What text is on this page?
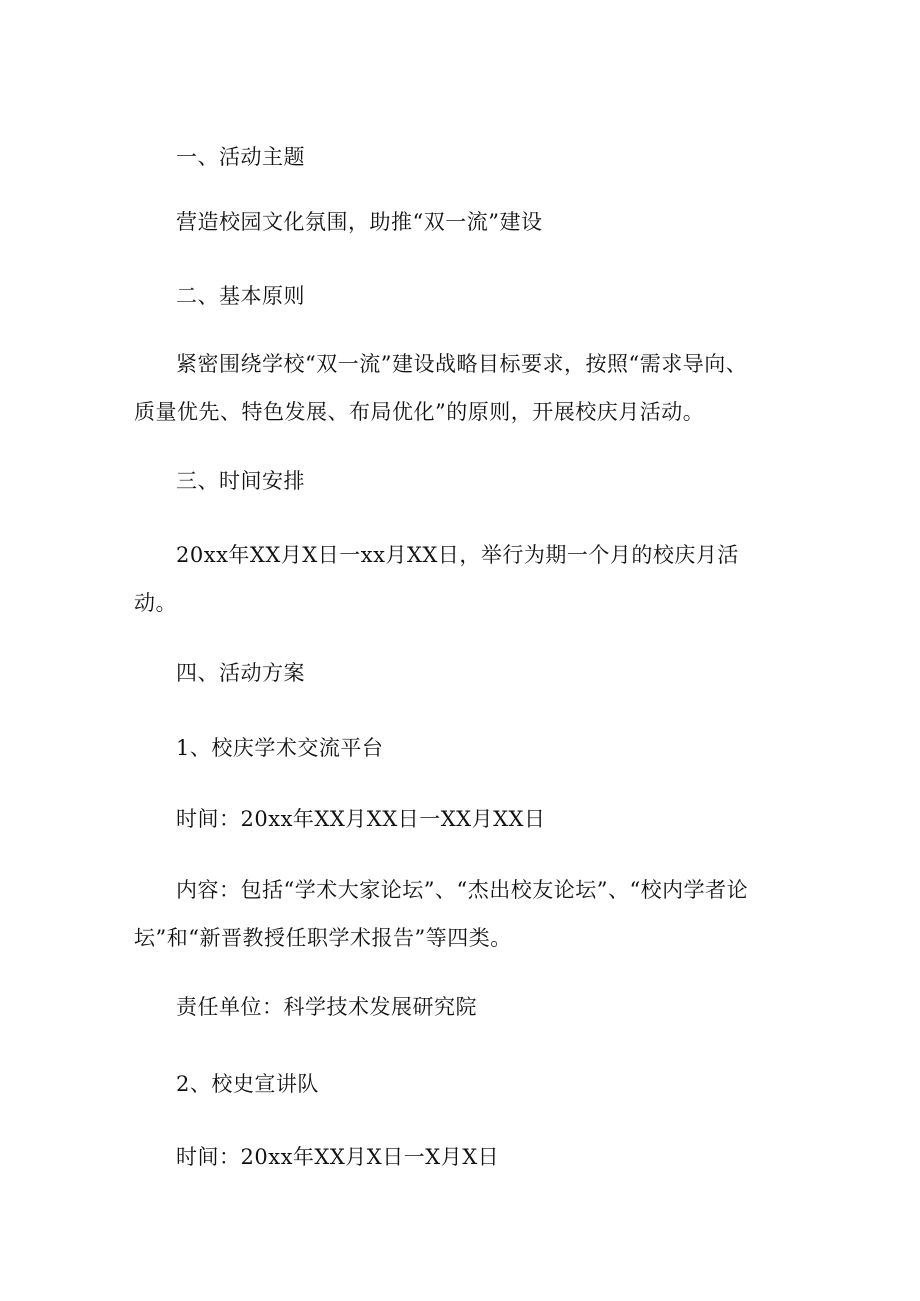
一、活动主题

营造校园文化氛围，助推“双一流”建设

二、基本原则

紧密围绕学校“双一流”建设战略目标要求，按照“需求导向、质量优先、特色发展、布局优化”的原则，开展校庆月活动。

三、时间安排

20xx年XX月X日一xx月XX日，举行为期一个月的校庆月活动。

四、活动方案

1、校庆学术交流平台

时间：20xx年XX月XX日一XX月XX日

内容：包括“学术大家论坛”、“杰出校友论坛”、“校内学者论坛”和“新晋教授任职学术报告”等四类。

责任单位：科学技术发展研究院

2、校史宣讲队

时间：20xx年XX月X日一X月X日
